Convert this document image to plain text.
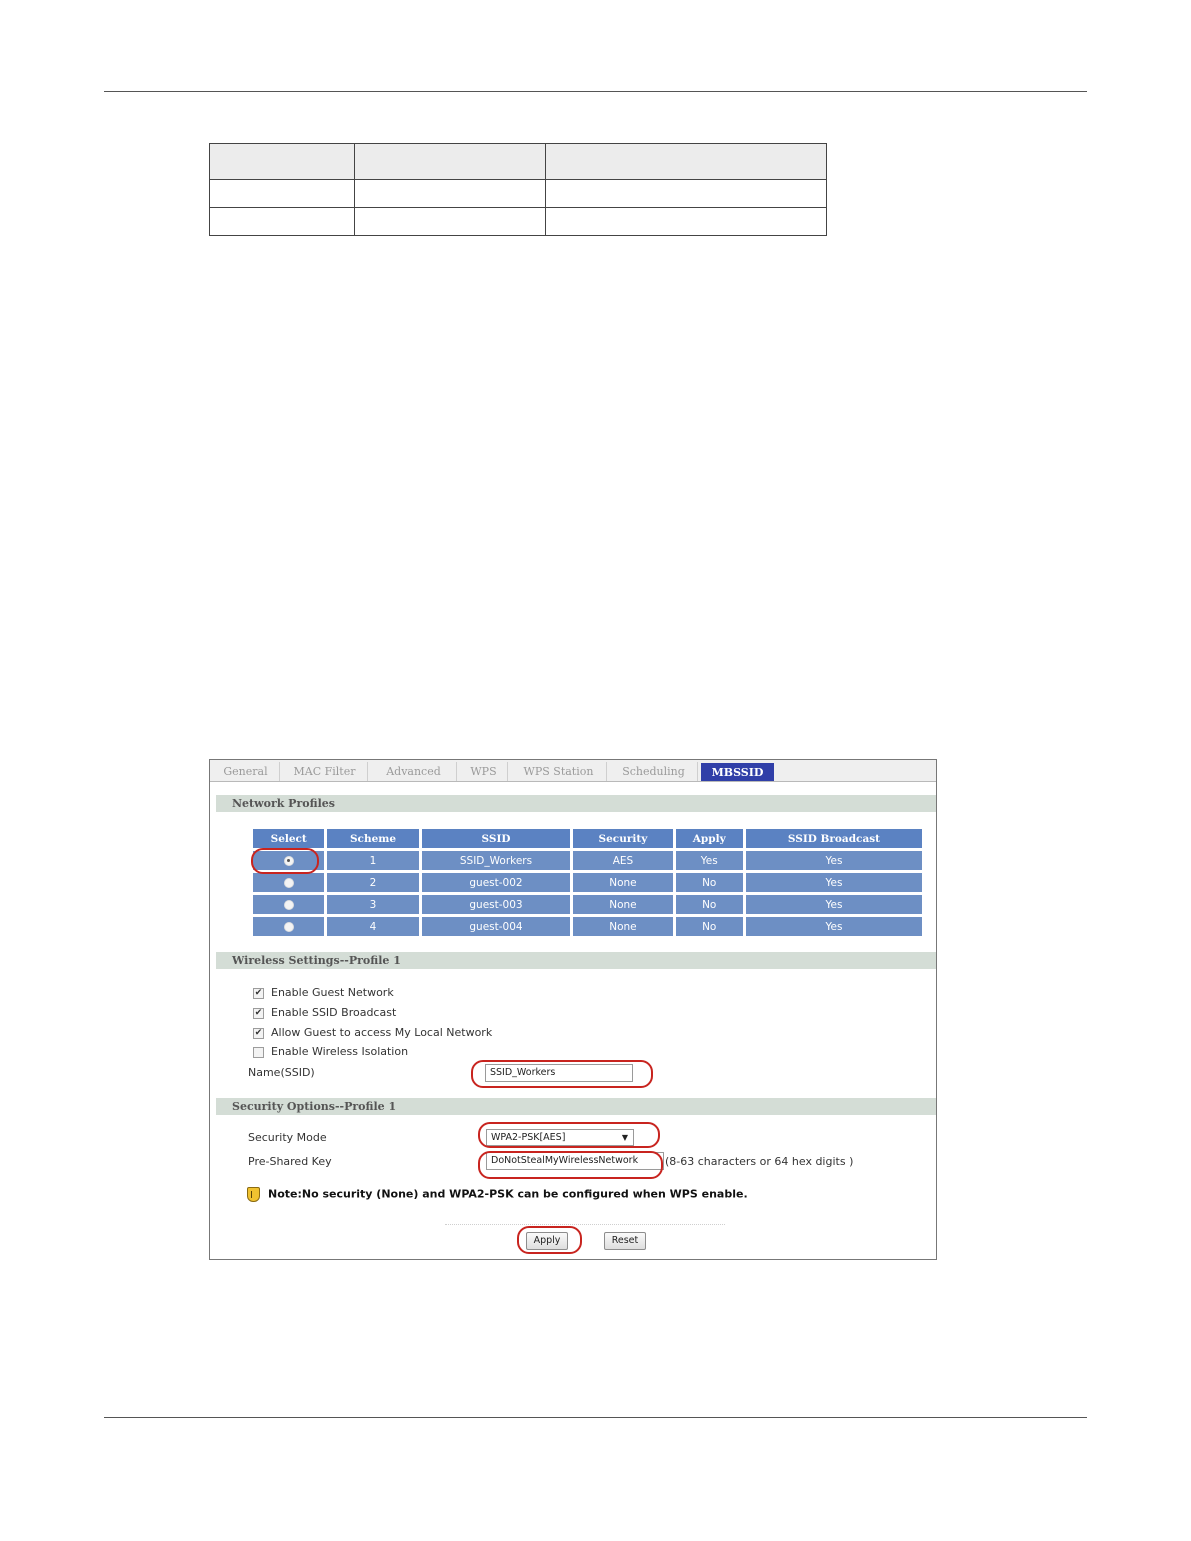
General	MAC Filter	Advanced	WPS	WPS Station	Scheduling	MBSSID
Network Profiles
Select	Scheme	SSID	Security	Apply	SSID Broadcast
	1	SSID_Workers	AES	Yes	Yes
	2	guest-002	None	No	Yes
	3	guest-003	None	No	Yes
	4	guest-004	None	No	Yes
Wireless Settings--Profile 1
✔ Enable Guest Network
✔ Enable SSID Broadcast
✔ Allow Guest to access My Local Network
Enable Wireless Isolation
Name(SSID)	SSID_Workers
Security Options--Profile 1
Security Mode	WPA2-PSK[AES]	▼
Pre-Shared Key	DoNotStealMyWirelessNetwork	(8-63 characters or 64 hex digits )
Note:No security (None) and WPA2-PSK can be configured when WPS enable.
Apply	Reset
